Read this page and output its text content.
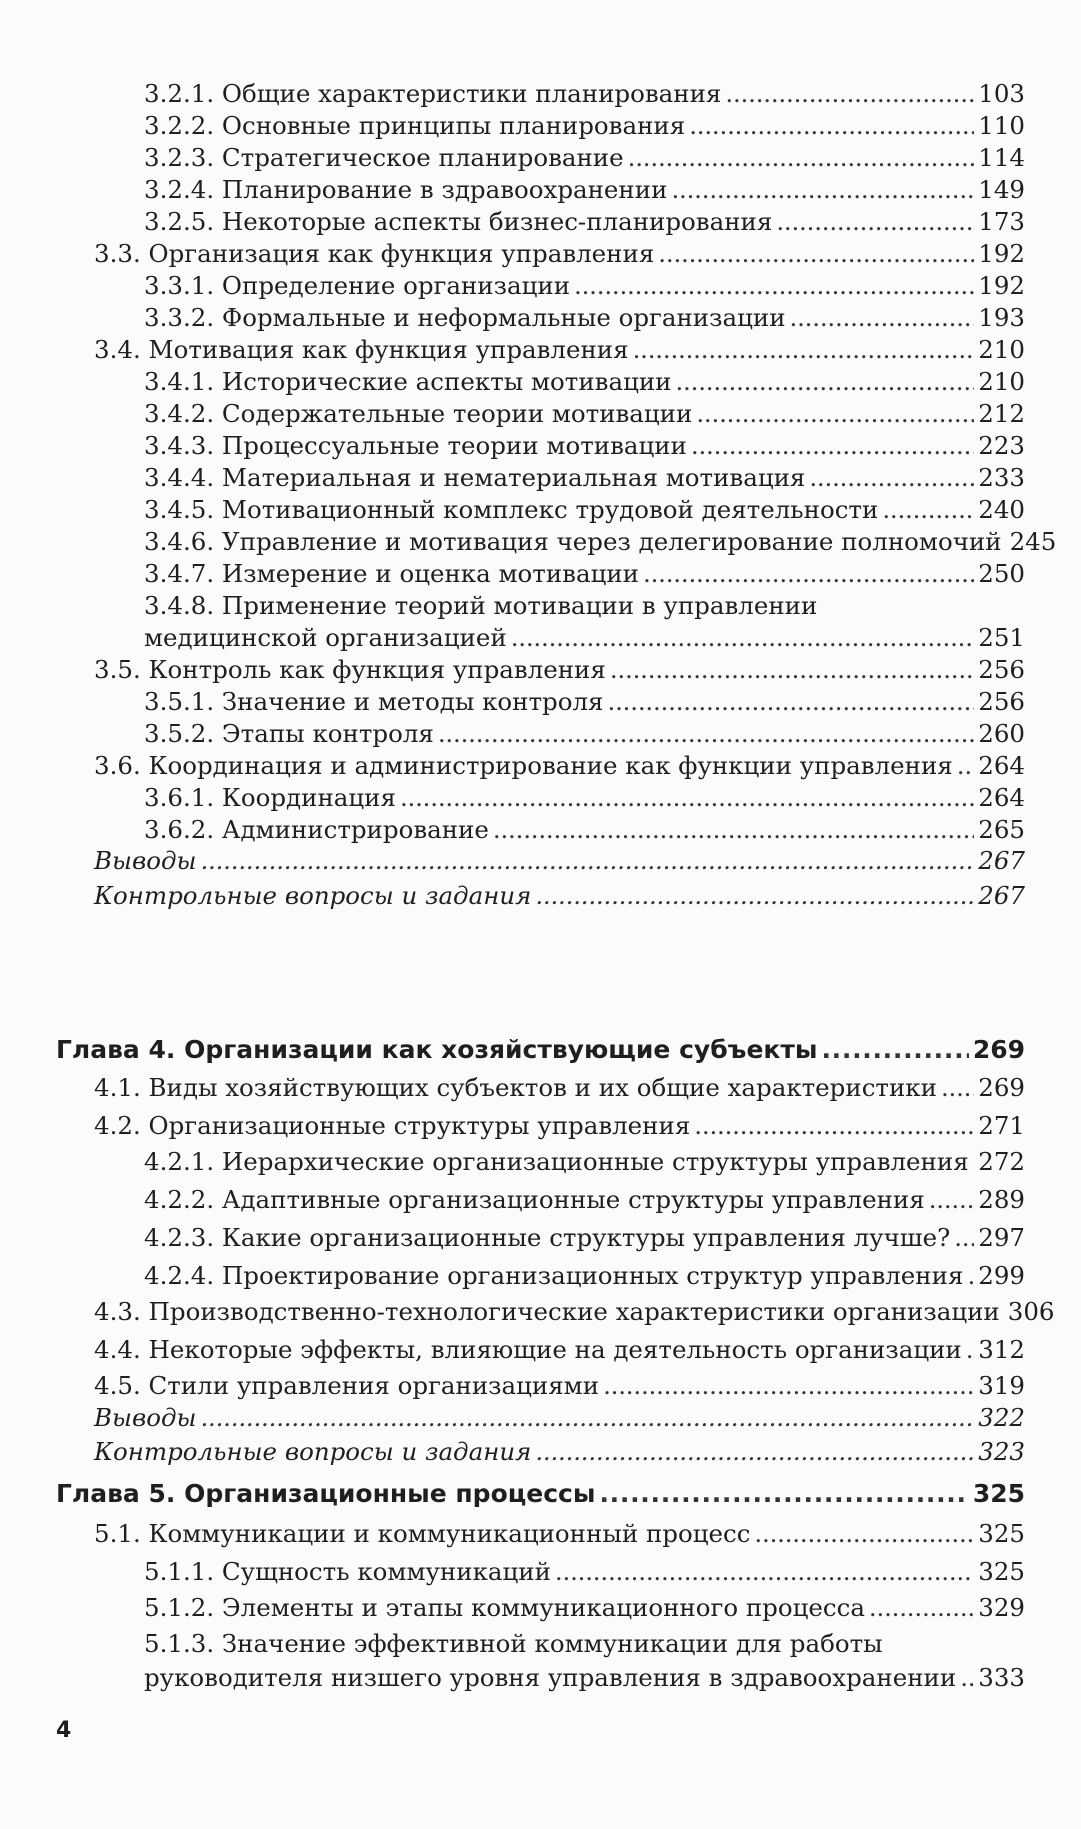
3.2.1. Общие характеристики планирования . . .	103
3.2.2. Основные принципы планирования . . .	110
3.2.3. Стратегическое планирование . . .	114
3.2.4. Планирование в здравоохранении . . .	149
3.2.5. Некоторые аспекты бизнес-планирования . . .	173
3.3. Организация как функция управления . . .	192
3.3.1. Определение организации . . .	192
3.3.2. Формальные и неформальные организации . . .	193
3.4. Мотивация как функция управления . . .	210
3.4.1. Исторические аспекты мотивации . . .	210
3.4.2. Содержательные теории мотивации . . .	212
3.4.3. Процессуальные теории мотивации . . .	223
3.4.4. Материальная и нематериальная мотивация . . .	233
3.4.5. Мотивационный комплекс трудовой деятельности . . .	240
3.4.6. Управление и мотивация через делегирование полномочий 245
3.4.7. Измерение и оценка мотивации . . .	250
3.4.8. Применение теорий мотивации в управлении
медицинской организацией . . .	251
3.5. Контроль как функция управления . . .	256
3.5.1. Значение и методы контроля . . .	256
3.5.2. Этапы контроля . . .	260
3.6. Координация и администрирование как функции управления . . . 264
3.6.1. Координация . . .	264
3.6.2. Администрирование . . .	265
Выводы . . .	267
Контрольные вопросы и задания . . .	267
Глава 4. Организации как хозяйствующие субъекты . . .	269
4.1. Виды хозяйствующих субъектов и их общие характеристики . . . 269
4.2. Организационные структуры управления . . .	271
4.2.1. Иерархические организационные структуры управления . . . 272
4.2.2. Адаптивные организационные структуры управления . . . 289
4.2.3. Какие организационные структуры управления лучше? . . . 297
4.2.4. Проектирование организационных структур управления . . . 299
4.3. Производственно-технологические характеристики организации 306
4.4. Некоторые эффекты, влияющие на деятельность организации . . . 312
4.5. Стили управления организациями . . .	319
Выводы . . .	322
Контрольные вопросы и задания . . .	323
Глава 5. Организационные процессы . . .	325
5.1. Коммуникации и коммуникационный процесс . . .	325
5.1.1. Сущность коммуникаций . . .	325
5.1.2. Элементы и этапы коммуникационного процесса . . .	329
5.1.3. Значение эффективной коммуникации для работы
руководителя низшего уровня управления в здравоохранении . . . 333
4
